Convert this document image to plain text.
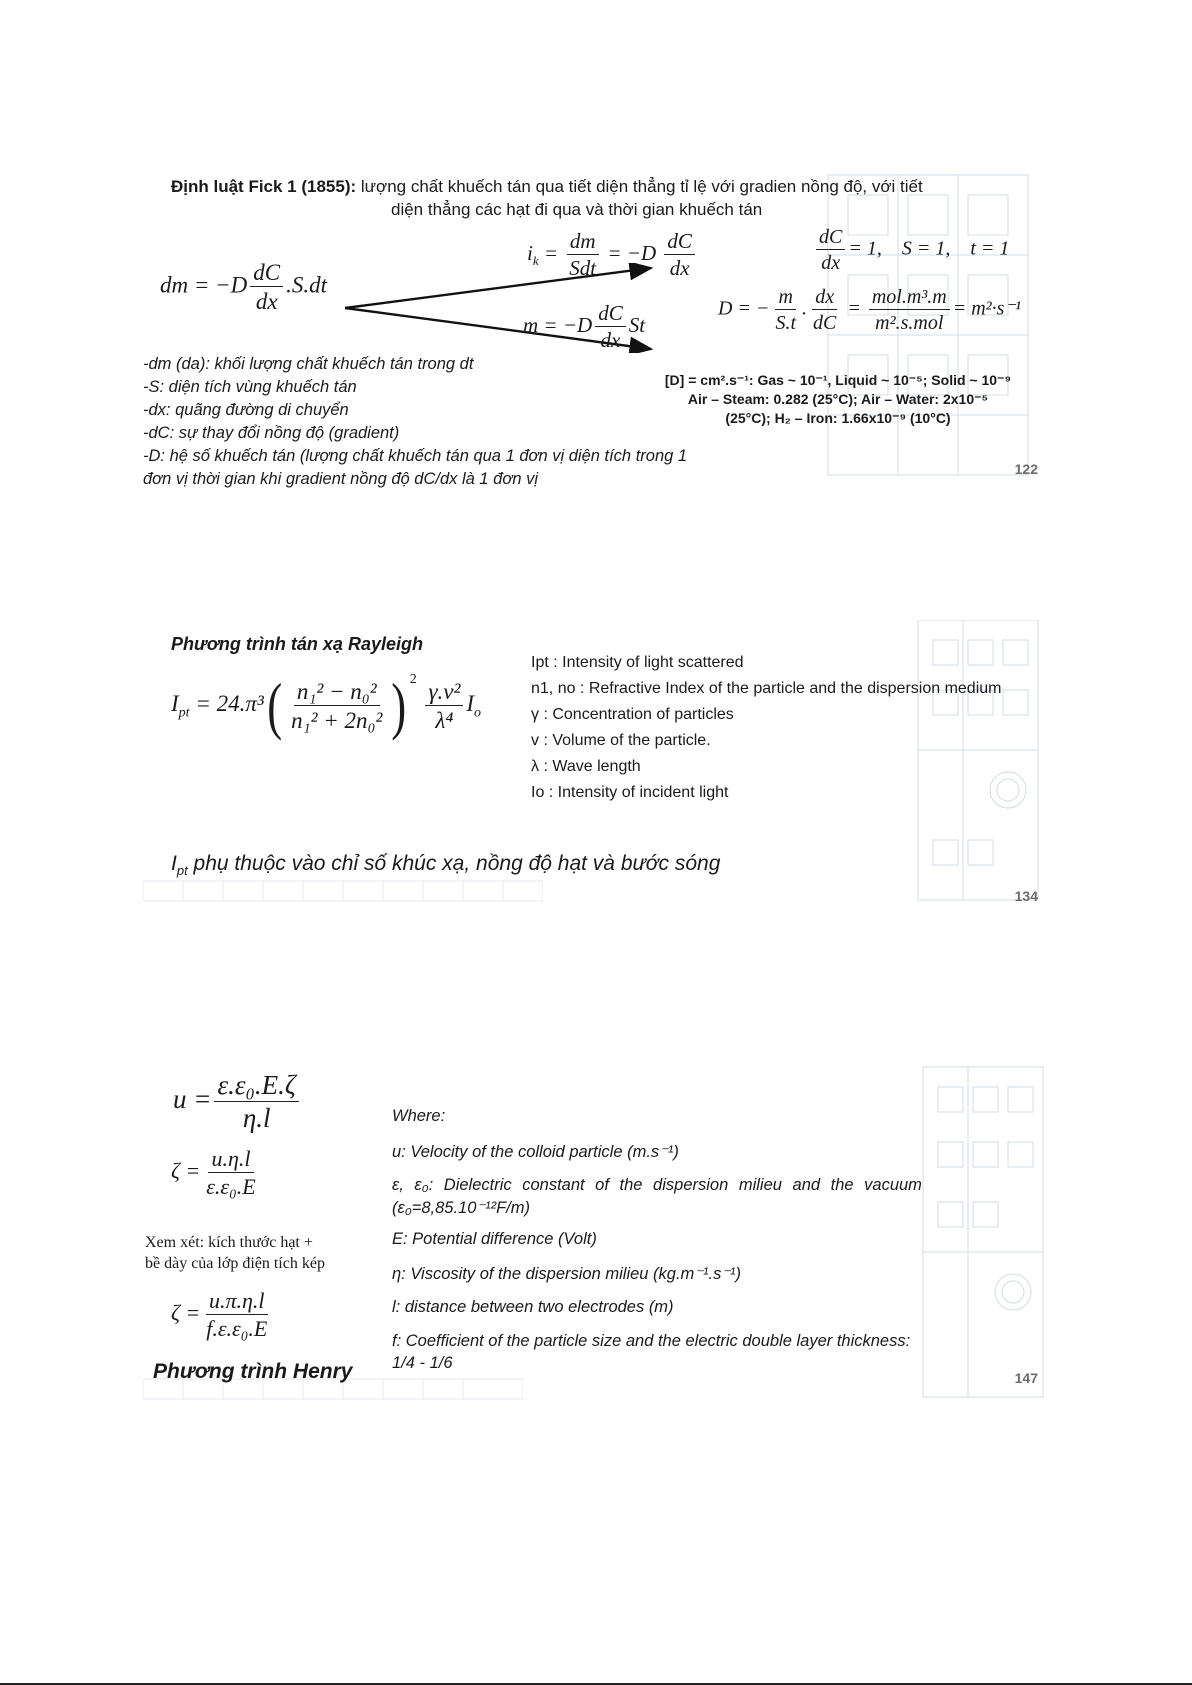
Định luật Fick 1 (1855): lượng chất khuếch tán qua tiết diện thẳng tỉ lệ với gradien nồng độ, với tiết
diện thẳng các hạt đi qua và thời gian khuếch tán
dm = $-D \frac{dC}{dx} .S.dt$
$i_k = \frac{dm}{\text{Sdt}} = -D \frac{dC}{dx}$
$m = -D \frac{dC}{dx}$ St
$\frac{dC}{dx} = 1$,    S = 1,    t = 1
D = − $\frac{m}{S.t}$ . $\frac{dx}{dC} = \frac{\text{mol.m³.m}}{\text{m².s.mol}} = m^2\cdot s^{-1}$
-dm (da): khối lượng chất khuếch tán trong dt
-S: diện tích vùng khuếch tán
-dx: quãng đường di chuyển
-dC: sự thay đổi nồng độ (gradient)
-D: hệ số khuếch tán (lượng chất khuếch tán qua 1 đơn vị diện tích trong 1
đơn vị thời gian khi gradient nồng độ dC/dx là 1 đơn vị
[D] = cm².s⁻¹: Gas ~ 10⁻¹, Liquid ~ 10⁻⁵; Solid ~ 10⁻⁹
Air – Steam: 0.282 (25°C); Air – Water: 2x10⁻⁵
(25°C); H₂ – Iron: 1.66x10⁻⁹ (10°C)
122
Phương trình tán xạ Rayleigh
$I_{pt} = 24.\pi^3( \frac{\text{n₁² − n₀²}}{\text{n₁² + 2n₀²}}$ ) $^2$
$\frac{\text{γ.v²}}{\text{λ⁴}} I_o$
Ipt : Intensity of light scattered
n1, no : Refractive Index of the particle and the dispersion medium
γ : Concentration of particles
v : Volume of the particle.
λ : Wave length
Io : Intensity of incident light
$I_{pt}$ phụ thuộc vào chỉ số khúc xạ, nồng độ hạt và bước sóng
134
$u = \frac{\text{ε.ε₀.E.ζ}}{\eta.l}$
$\zeta = \frac{u.\eta.l}{\text{ε.ε₀.E}}$
Xem xét: kích thước hạt +
bề dày của lớp điện tích kép
$\zeta = \frac{u.\pi.\eta.l}{\text{f.ε.ε₀.E}}$
Phương trình Henry
Where:
u: Velocity of the colloid particle (m.s⁻¹)
ε, ε₀: Dielectric constant of the dispersion milieu and the vacuum
(ε₀=8,85.10⁻¹²F/m)
E: Potential difference (Volt)
η: Viscosity of the dispersion milieu (kg.m⁻¹.s⁻¹)
l: distance between two electrodes (m)
f: Coefficient of the particle size and the electric double layer thickness:
1/4 - 1/6
147
